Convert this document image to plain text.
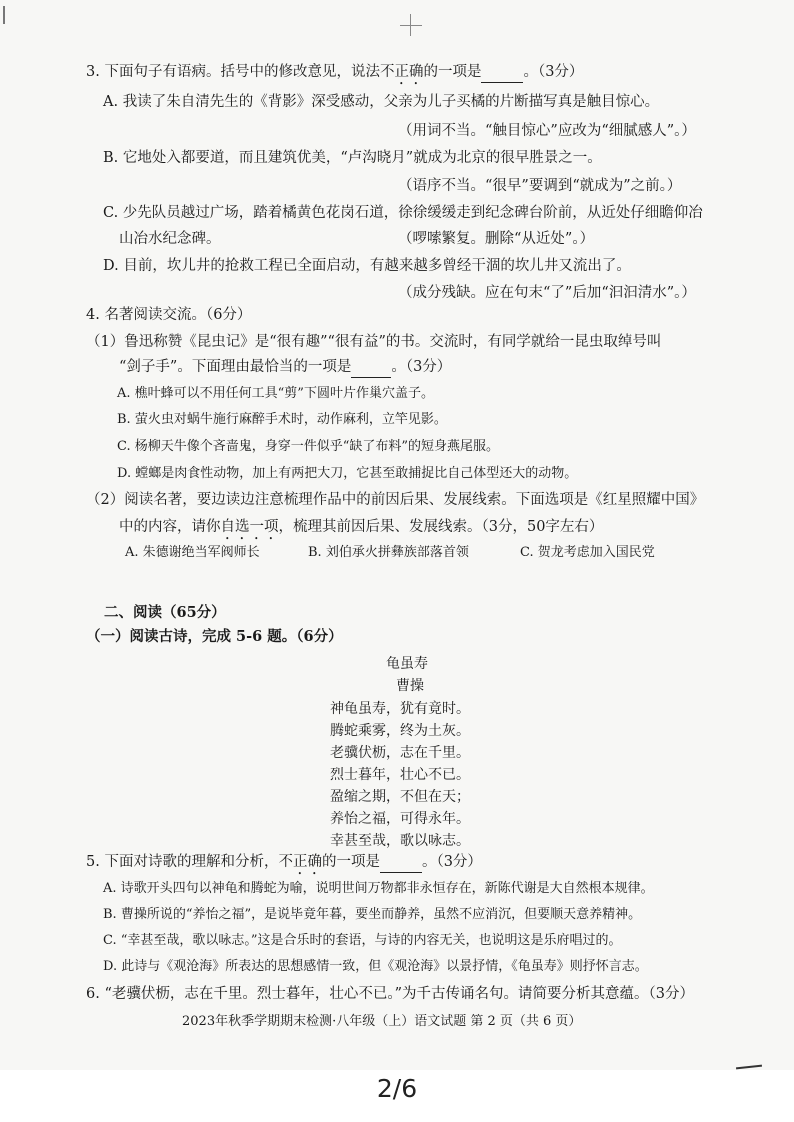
3. 下面句子有语病。括号中的修改意见，说法不正确的一项是	。（3分）
A. 我读了朱自清先生的《背影》深受感动，父亲为儿子买橘的片断描写真是触目惊心。
（用词不当。“触目惊心”应改为“细腻感人”。）
B. 它地处入都要道，而且建筑优美，“卢沟晓月”就成为北京的很早胜景之一。
（语序不当。“很早”要调到“就成为”之前。）
C. 少先队员越过广场，踏着橘黄色花岗石道，徐徐缓缓走到纪念碑台阶前，从近处仔细瞻仰冶
山冶水纪念碑。	（啰嗦繁复。删除“从近处”。）
D. 目前，坎儿井的抢救工程已全面启动，有越来越多曾经干涸的坎儿井又流出了。
（成分残缺。应在句末“了”后加“汩汩清水”。）
4. 名著阅读交流。（6分）
（1）鲁迅称赞《昆虫记》是“很有趣”“很有益”的书。交流时，有同学就给一昆虫取绰号叫
“剑子手”。下面理由最恰当的一项是	。（3分）
A. 樵叶蜂可以不用任何工具“剪”下圆叶片作巢穴盖子。
B. 萤火虫对蜗牛施行麻醉手术时，动作麻利，立竿见影。
C. 杨柳天牛像个吝啬鬼，身穿一件似乎“缺了布料”的短身燕尾服。
D. 螳螂是肉食性动物，加上有两把大刀，它甚至敢捕捉比自己体型还大的动物。
（2）阅读名著，要边读边注意梳理作品中的前因后果、发展线索。下面选项是《红星照耀中国》
中的内容，请你自选一项，梳理其前因后果、发展线索。（3分，50字左右）
A. 朱德谢绝当军阀师长	B. 刘伯承火拼彝族部落首领	C. 贺龙考虑加入国民党
二、阅读（65分）
（一）阅读古诗，完成 5-6 题。（6分）
龟虽寿
曹操
神龟虽寿，犹有竟时。
腾蛇乘雾，终为土灰。
老骥伏枥，志在千里。
烈士暮年，壮心不已。
盈缩之期，不但在天；
养怡之福，可得永年。
幸甚至哉，歌以咏志。
5. 下面对诗歌的理解和分析，不正确的一项是	。（3分）
A. 诗歌开头四句以神龟和腾蛇为喻，说明世间万物都非永恒存在，新陈代谢是大自然根本规律。
B. 曹操所说的“养怡之福”，是说毕竟年暮，要坐而静养，虽然不应消沉，但要顺天意养精神。
C. “幸甚至哉，歌以咏志。”这是合乐时的套语，与诗的内容无关，也说明这是乐府唱过的。
D. 此诗与《观沧海》所表达的思想感情一致，但《观沧海》以景抒情，《龟虽寿》则抒怀言志。
6. “老骥伏枥，志在千里。烈士暮年，壮心不已。”为千古传诵名句。请简要分析其意蕴。（3分）
2023年秋季学期期末检测·八年级（上）语文试题 第 2 页（共 6 页）
2/6
